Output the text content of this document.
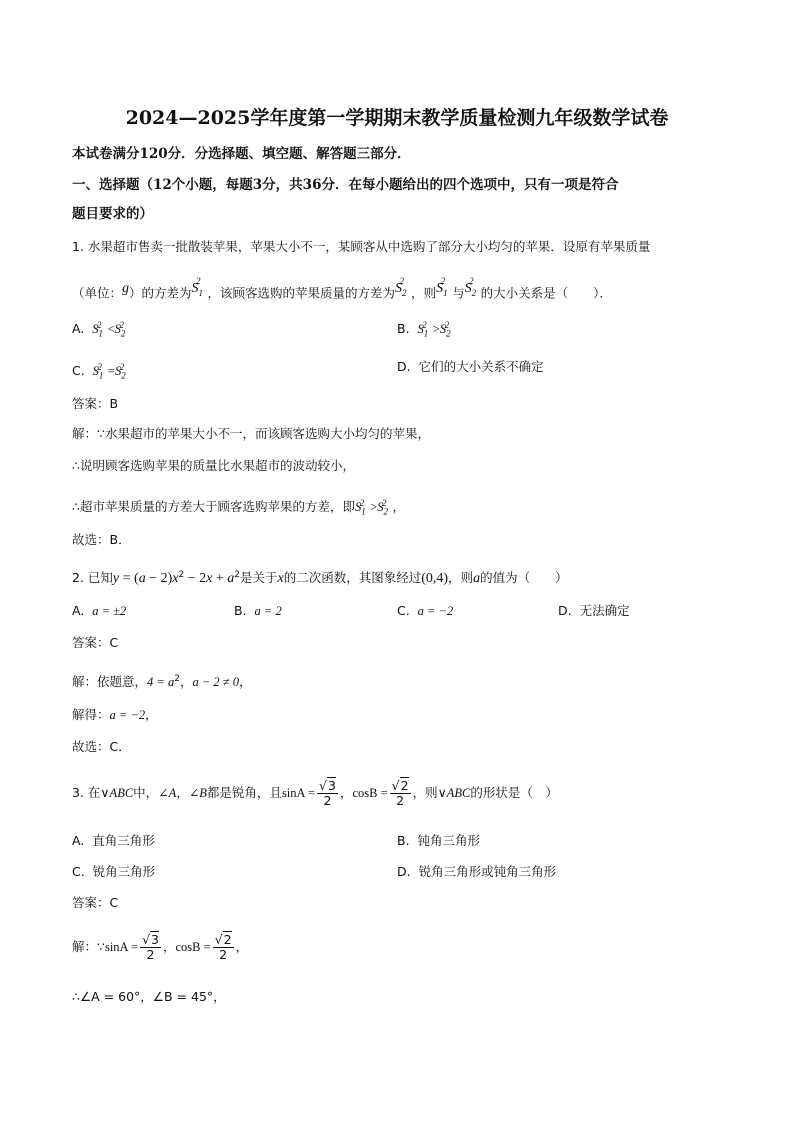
2024—2025学年度第一学期期末教学质量检测九年级数学试卷
本试卷满分120分．分选择题、填空题、解答题三部分．
一、选择题（12个小题，每题3分，共36分．在每小题给出的四个选项中，只有一项是符合
题目要求的）
1. 水果超市售卖一批散装苹果，苹果大小不一，某顾客从中选购了部分大小均匀的苹果．设原有苹果质量
（单位：g）的方差为$S_1^2$，该顾客选购的苹果质量的方差为$S_2^2$，则$S_1^2$与$S_2^2$的大小关系是（　　）．
A. $S_1^2 <S_2^2$	B. $S_1^2 >S_2^2$
C. $S_1^2 =S_2^2$	D. 它们的大小关系不确定
答案：B
解：∵水果超市的苹果大小不一，而该顾客选购大小均匀的苹果，
∴说明顾客选购苹果的质量比水果超市的波动较小，
∴超市苹果质量的方差大于顾客选购苹果的方差，即$S_1^2 >S_2^2$ ，
故选：B．
2. 已知$y = (a - 2)x^2 - 2x + a^2$是关于x的二次函数，其图象经过(0,4)，则a的值为（　　）
A. a = ±2	B. a = 2	C. a = −2	D. 无法确定
答案：C
解：依题意，$4 = a^2$，a − 2 ≠ 0，
解得：a = −2，
故选：C．
3. 在∨ABC中，∠A，∠B都是锐角，且$\sin A = \frac{√3}{2}$ ，$\cos B = \frac{√2}{2}$ ，则∨ABC的形状是（　）
A. 直角三角形	B. 钝角三角形
C. 锐角三角形	D. 锐角三角形或钝角三角形
答案：C
解：∵sinA = $\frac{√3}{2}$ ，$\cos B = \frac{√2}{2}$ ，
∴∠A = 60°，∠B = 45°，
